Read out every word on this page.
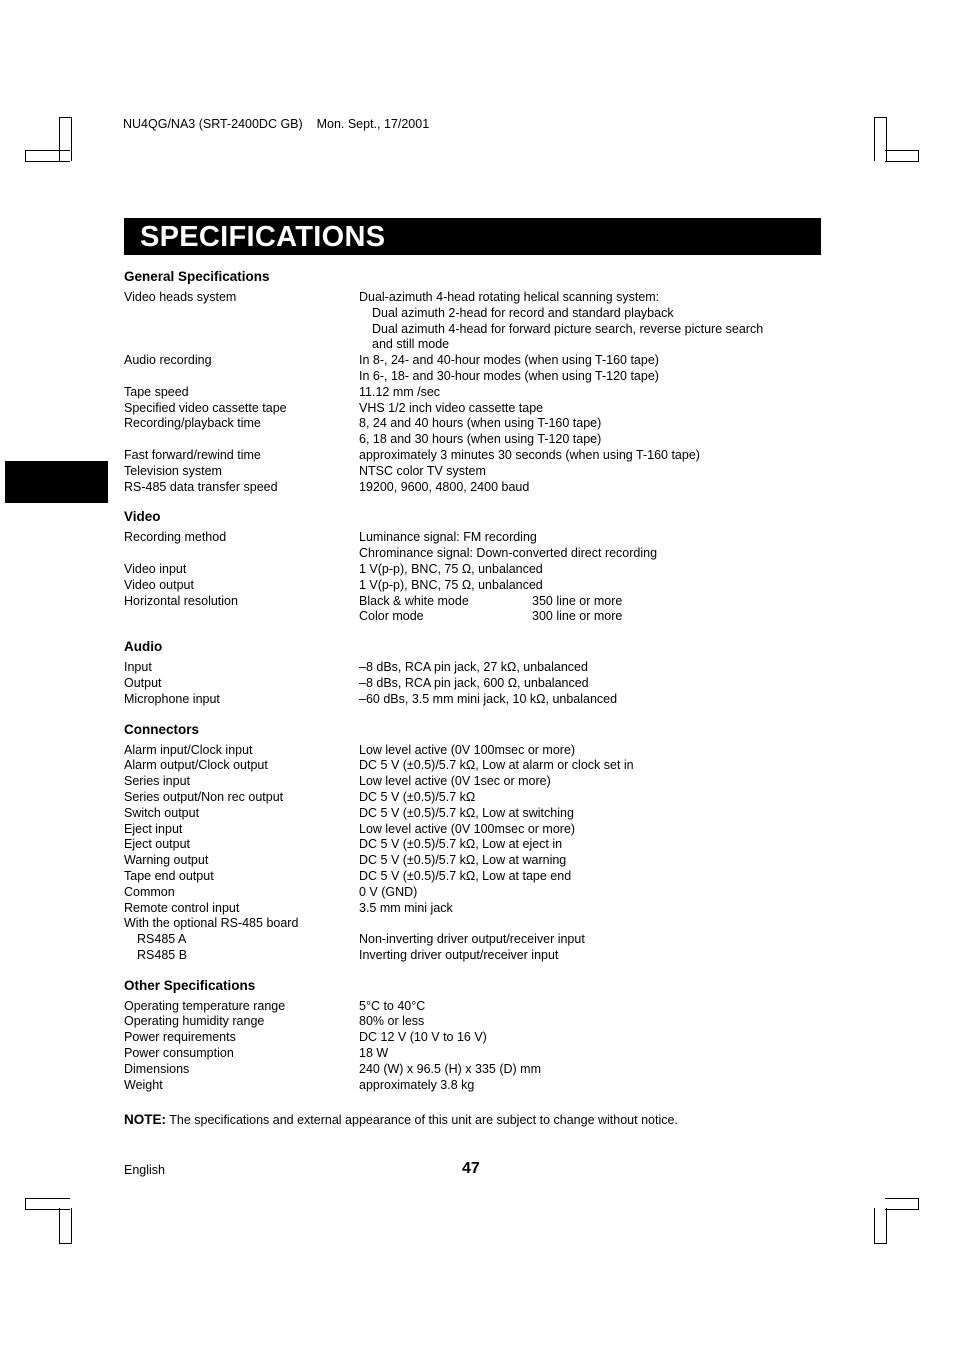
NU4QG/NA3 (SRT-2400DC GB)    Mon. Sept., 17/2001
SPECIFICATIONS
General Specifications
Video heads system	Dual-azimuth 4-head rotating helical scanning system:
Dual azimuth 2-head for record and standard playback
Dual azimuth 4-head for forward picture search, reverse picture search
and still mode
Audio recording	In 8-, 24- and 40-hour modes (when using T-160 tape)
In 6-, 18- and 30-hour modes (when using T-120 tape)
Tape speed	11.12 mm /sec
Specified video cassette tape	VHS 1/2 inch video cassette tape
Recording/playback time	8, 24 and 40 hours (when using T-160 tape)
6, 18 and 30 hours (when using T-120 tape)
Fast forward/rewind time	approximately 3 minutes 30 seconds (when using T-160 tape)
Television system	NTSC color TV system
RS-485 data transfer speed	19200, 9600, 4800, 2400 baud
Video
Recording method	Luminance signal: FM recording
Chrominance signal: Down-converted direct recording
Video input	1 V(p-p), BNC, 75 Ω, unbalanced
Video output	1 V(p-p), BNC, 75 Ω, unbalanced
Horizontal resolution	Black & white mode	350 line or more
Color mode	300 line or more
Audio
Input	–8 dBs, RCA pin jack, 27 kΩ, unbalanced
Output	–8 dBs, RCA pin jack, 600 Ω, unbalanced
Microphone input	–60 dBs, 3.5 mm mini jack, 10 kΩ, unbalanced
Connectors
Alarm input/Clock input	Low level active (0V 100msec or more)
Alarm output/Clock output	DC 5 V (±0.5)/5.7 kΩ, Low at alarm or clock set in
Series input	Low level active (0V 1sec or more)
Series output/Non rec output	DC 5 V (±0.5)/5.7 kΩ
Switch output	DC 5 V (±0.5)/5.7 kΩ, Low at switching
Eject input	Low level active (0V 100msec or more)
Eject output	DC 5 V (±0.5)/5.7 kΩ, Low at eject in
Warning output	DC 5 V (±0.5)/5.7 kΩ, Low at warning
Tape end output	DC 5 V (±0.5)/5.7 kΩ, Low at tape end
Common	0 V (GND)
Remote control input	3.5 mm mini jack
With the optional RS-485 board

RS485 A	Non-inverting driver output/receiver input
RS485 B	Inverting driver output/receiver input
Other Specifications
Operating temperature range	5°C to 40°C
Operating humidity range	80% or less
Power requirements	DC 12 V (10 V to 16 V)
Power consumption	18 W
Dimensions	240 (W) x 96.5 (H) x 335 (D) mm
Weight	approximately 3.8 kg
NOTE: The specifications and external appearance of this unit are subject to change without notice.
English	47
